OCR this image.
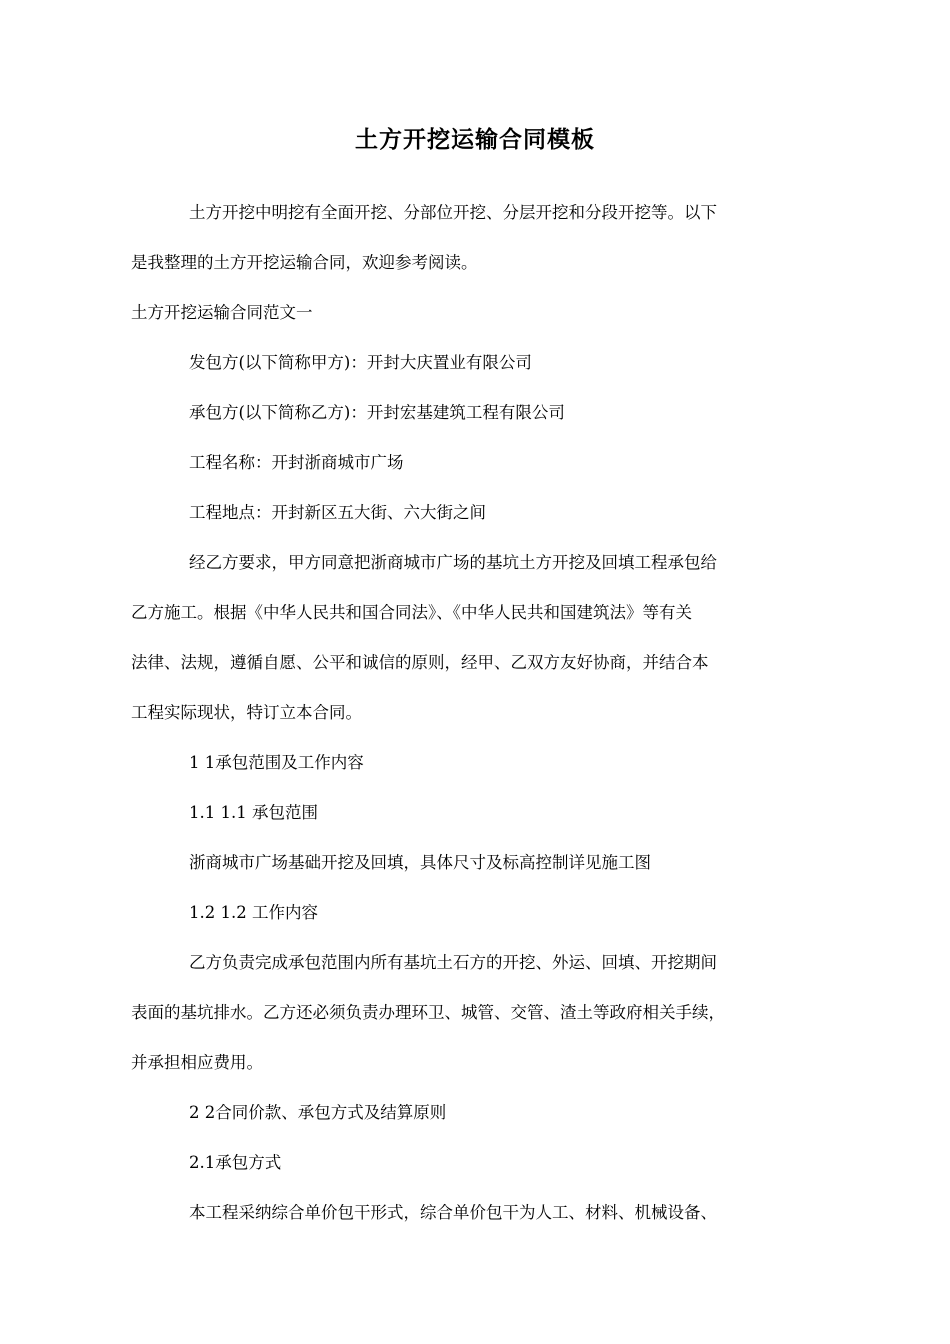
土方开挖运输合同模板

土方开挖中明挖有全面开挖、分部位开挖、分层开挖和分段开挖等。以下
是我整理的土方开挖运输合同，欢迎参考阅读。

土方开挖运输合同范文一

发包方(以下简称甲方)：开封大庆置业有限公司

承包方(以下简称乙方)：开封宏基建筑工程有限公司

工程名称：开封浙商城市广场

工程地点：开封新区五大街、六大街之间

经乙方要求，甲方同意把浙商城市广场的基坑土方开挖及回填工程承包给
乙方施工。根据《中华人民共和国合同法》、《中华人民共和国建筑法》等有关
法律、法规，遵循自愿、公平和诚信的原则，经甲、乙双方友好协商，并结合本
工程实际现状，特订立本合同。

1 1承包范围及工作内容

1.1 1.1 承包范围

浙商城市广场基础开挖及回填，具体尺寸及标高控制详见施工图

1.2 1.2 工作内容

乙方负责完成承包范围内所有基坑土石方的开挖、外运、回填、开挖期间
表面的基坑排水。乙方还必须负责办理环卫、城管、交管、渣土等政府相关手续，
并承担相应费用。

2 2合同价款、承包方式及结算原则

2.1承包方式

本工程采纳综合单价包干形式，综合单价包干为人工、材料、机械设备、
